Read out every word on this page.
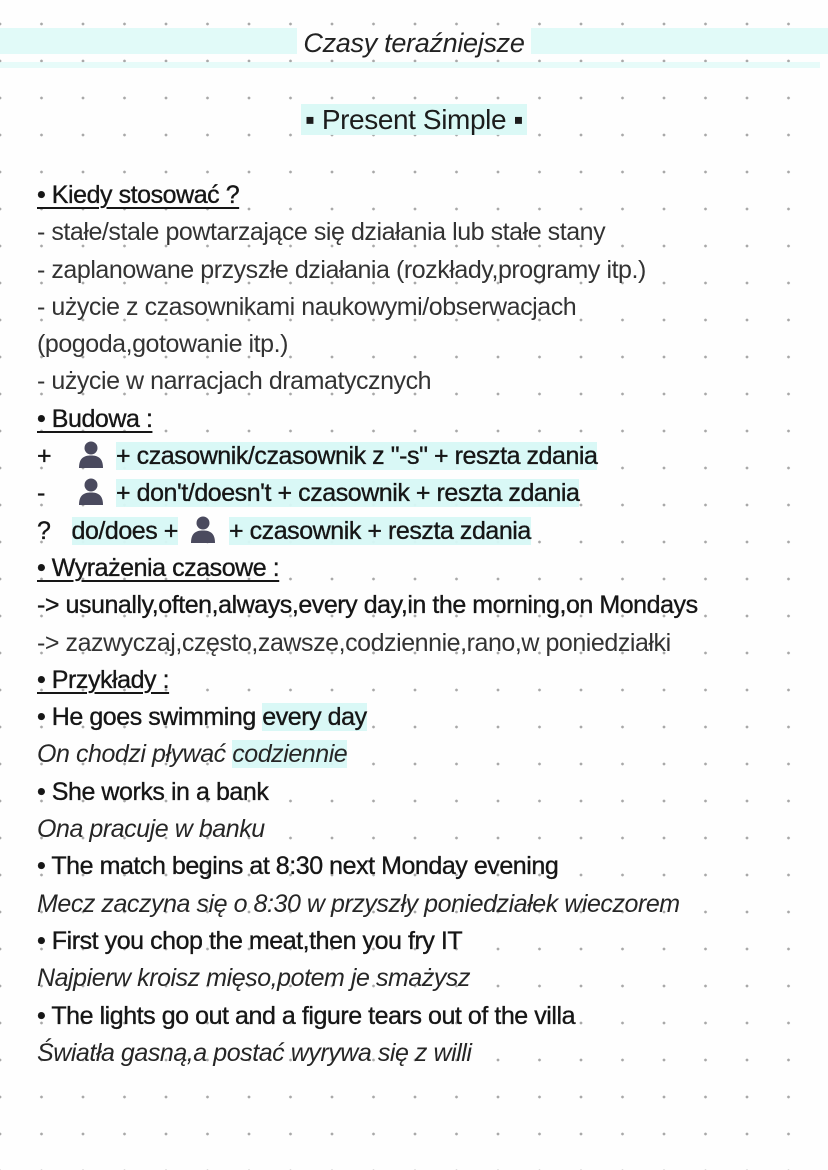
Czasy teraźniejsze
▪ Present Simple ▪
• Kiedy stosować ?
- stałe/stale powtarzające się działania lub stałe stany
- zaplanowane przyszłe działania (rozkłady,programy itp.)
- użycie z czasownikami naukowymi/obserwacjach
(pogoda,gotowanie itp.)
- użycie w narracjach dramatycznych
• Budowa :
+	+ czasownik/czasownik z "-s" + reszta zdania
-	+ don't/doesn't + czasownik + reszta zdania
? do/does + + czasownik + reszta zdania
• Wyrażenia czasowe :
-> usunally,often,always,every day,in the morning,on Mondays
-> zazwyczaj,często,zawsze,codziennie,rano,w poniedziałki
• Przykłady :
• He goes swimming every day
On chodzi pływać codziennie
• She works in a bank
Ona pracuje w banku
• The match begins at 8:30 next Monday evening
Mecz zaczyna się o 8:30 w przyszły poniedziałek wieczorem
• First you chop the meat,then you fry IT
Najpierw kroisz mięso,potem je smażysz
• The lights go out and a figure tears out of the villa
Światła gasną,a postać wyrywa się z willi
